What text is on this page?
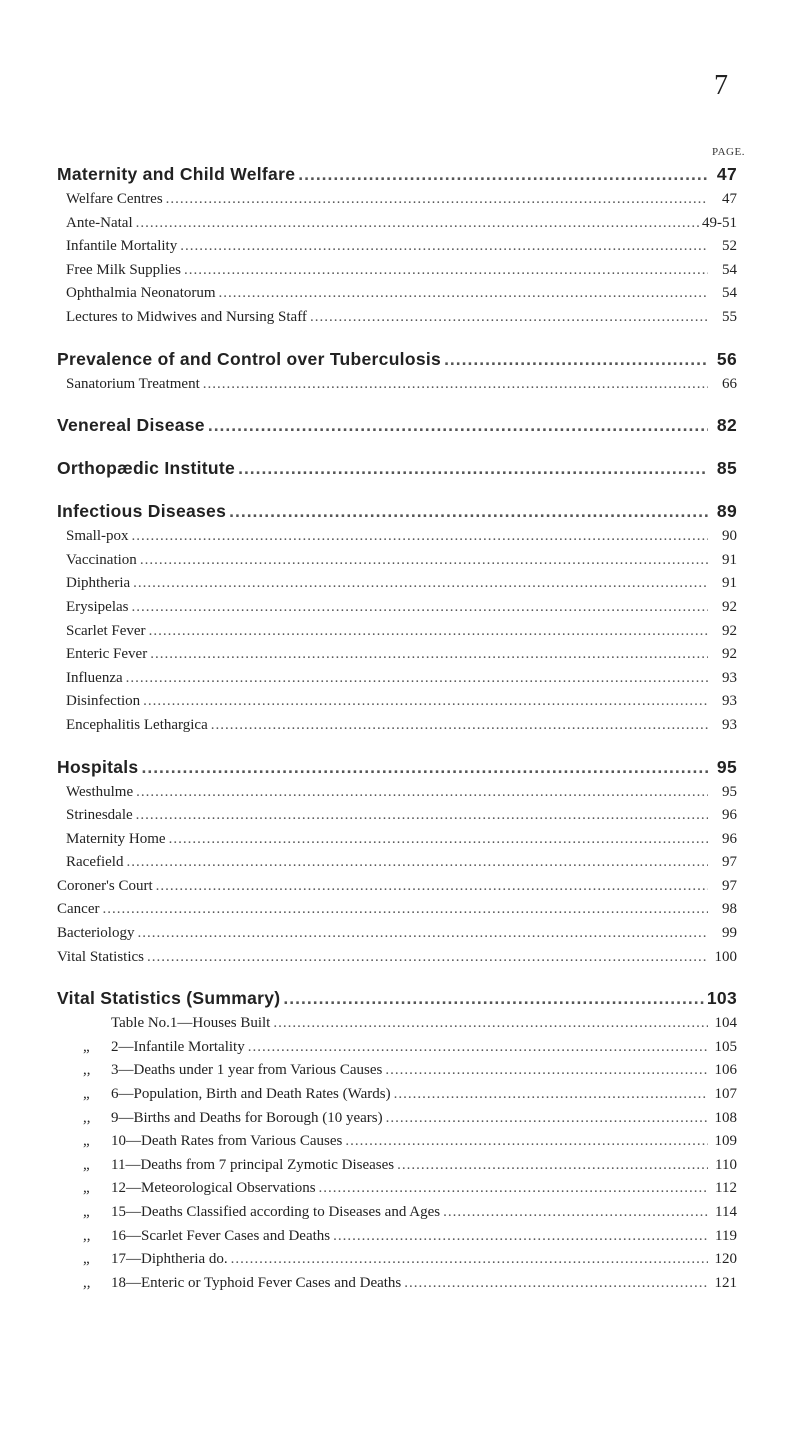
7
PAGE.
Maternity and Child Welfare .....	47
Welfare Centres .....	47
Ante-Natal .....	49-51
Infantile Mortality .....	52
Free Milk Supplies .....	54
Ophthalmia Neonatorum .....	54
Lectures to Midwives and Nursing Staff .....	55
Prevalence of and Control over Tuberculosis .....	56
Sanatorium Treatment .....	66
Venereal Disease .....	82
Orthopædic Institute .....	85
Infectious Diseases .....	89
Small-pox .....	90
Vaccination .....	91
Diphtheria .....	91
Erysipelas .....	92
Scarlet Fever .....	92
Enteric Fever .....	92
Influenza .....	93
Disinfection .....	93
Encephalitis Lethargica .....	93
Hospitals .....	95
Westhulme .....	95
Strinesdale .....	96
Maternity Home .....	96
Racefield .....	97
Coroner's Court .....	97
Cancer .....	98
Bacteriology .....	99
Vital Statistics .....	100
Vital Statistics (Summary) .....	103
Table No.1—Houses Built .....	104
„ 2—Infantile Mortality .....	105
,, 3—Deaths under 1 year from Various Causes .....	106
„ 6—Population, Birth and Death Rates (Wards) .....	107
,, 9—Births and Deaths for Borough (10 years) .....	108
„ 10—Death Rates from Various Causes .....	109
„ 11—Deaths from 7 principal Zymotic Diseases .....	110
„ 12—Meteorological Observations .....	112
„ 15—Deaths Classified according to Diseases and Ages .....	114
,, 16—Scarlet Fever Cases and Deaths .....	119
„ 17—Diphtheria do. .....	120
,, 18—Enteric or Typhoid Fever Cases and Deaths .....	121
